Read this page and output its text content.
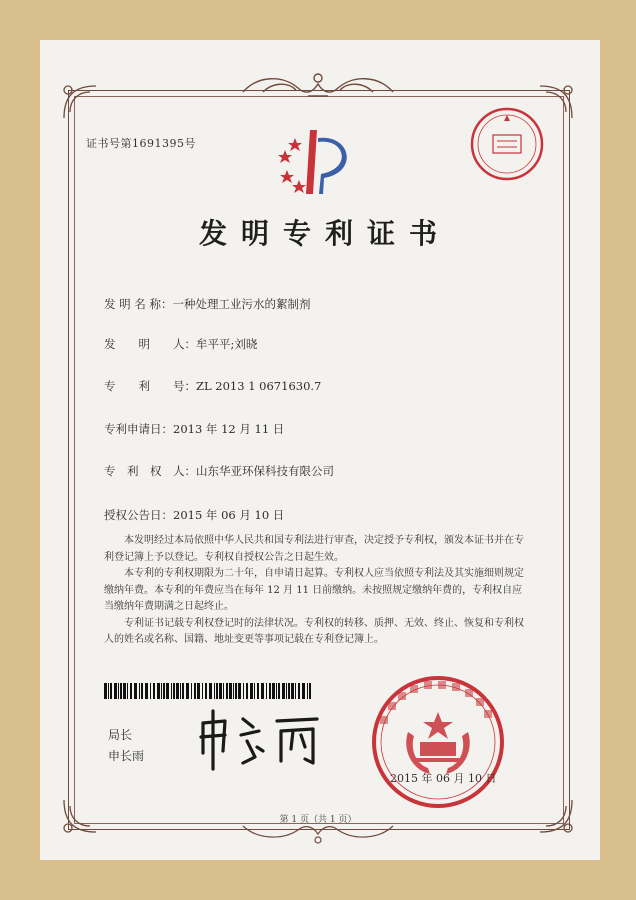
证书号第1691395号
发明专利证书
发 明 名 称：一种处理工业污水的絮制剂
发　　明　　人：牟平平;刘晓
专　　利　　号：ZL 2013 1 0671630.7
专利申请日：2013 年 12 月 11 日
专　利　权　人：山东华亚环保科技有限公司
授权公告日：2015 年 06 月 10 日

本发明经过本局依照中华人民共和国专利法进行审查，决定授予专利权，颁发本证书并在专利登记簿上予以登记。专利权自授权公告之日起生效。

本专利的专利权期限为二十年，自申请日起算。专利权人应当依照专利法及其实施细则规定缴纳年费。本专利的年费应当在每年 12 月 11 日前缴纳。未按照规定缴纳年费的，专利权自应当缴纳年费期满之日起终止。

专利证书记载专利权登记时的法律状况。专利权的转移、质押、无效、终止、恢复和专利权人的姓名或名称、国籍、地址变更等事项记载在专利登记簿上。

局长
申长雨
2015 年 06 月 10 日
第 1 页（共 1 页）
